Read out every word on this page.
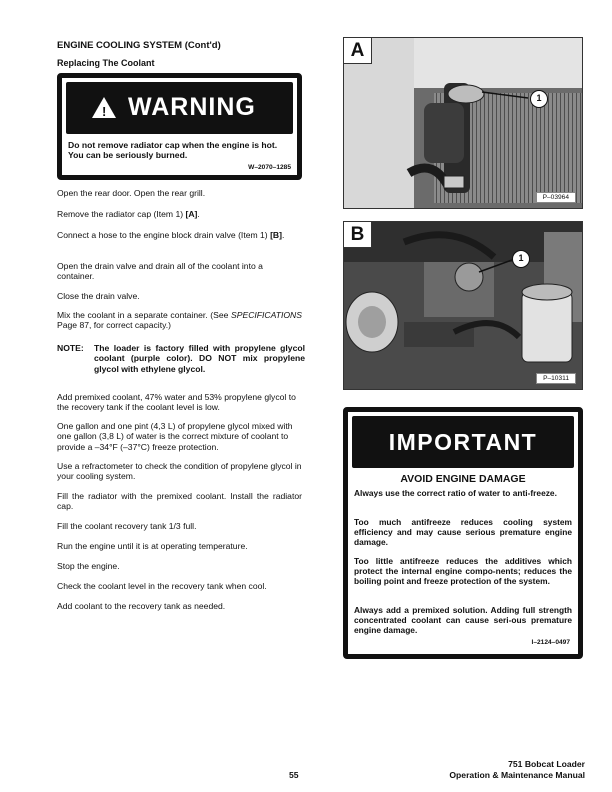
ENGINE COOLING SYSTEM (Cont'd)
Replacing The Coolant
! WARNING
Do not remove radiator cap when the engine is hot. You can be seriously burned.
W–2070–1285
Open the rear door. Open the rear grill.
Remove the radiator cap (Item 1) [A].
Connect a hose to the engine block drain valve (Item 1) [B].
Open the drain valve and drain all of the coolant into a container.
Close the drain valve.
Mix the coolant in a separate container. (See SPECIFICATIONS Page 87, for correct capacity.)
NOTE:	The loader is factory filled with propylene glycol coolant (purple color). DO NOT mix propylene glycol with ethylene glycol.
Add premixed coolant, 47% water and 53% propylene glycol to the recovery tank if the coolant level is low.
One gallon and one pint (4,3 L) of propylene glycol mixed with one gallon (3,8 L) of water is the correct mixture of coolant to provide a –34°F (–37°C) freeze protection.
Use a refractometer to check the condition of propylene glycol in your cooling system.
Fill the radiator with the premixed coolant. Install the radiator cap.
Fill the coolant recovery tank 1/3 full.
Run the engine until it is at operating temperature.
Stop the engine.
Check the coolant level in the recovery tank when cool.
Add coolant to the recovery tank as needed.
A
1
P–03964
B
1
P–10311
IMPORTANT
AVOID ENGINE DAMAGE
Always use the correct ratio of water to anti-freeze.
Too much antifreeze reduces cooling system efficiency and may cause serious premature engine damage.
Too little antifreeze reduces the additives which protect the internal engine compo-nents; reduces the boiling point and freeze protection of the system.
Always add a premixed solution. Adding full strength concentrated coolant can cause seri-ous premature engine damage.
I–2124–0497
55
751 Bobcat Loader
Operation & Maintenance Manual
